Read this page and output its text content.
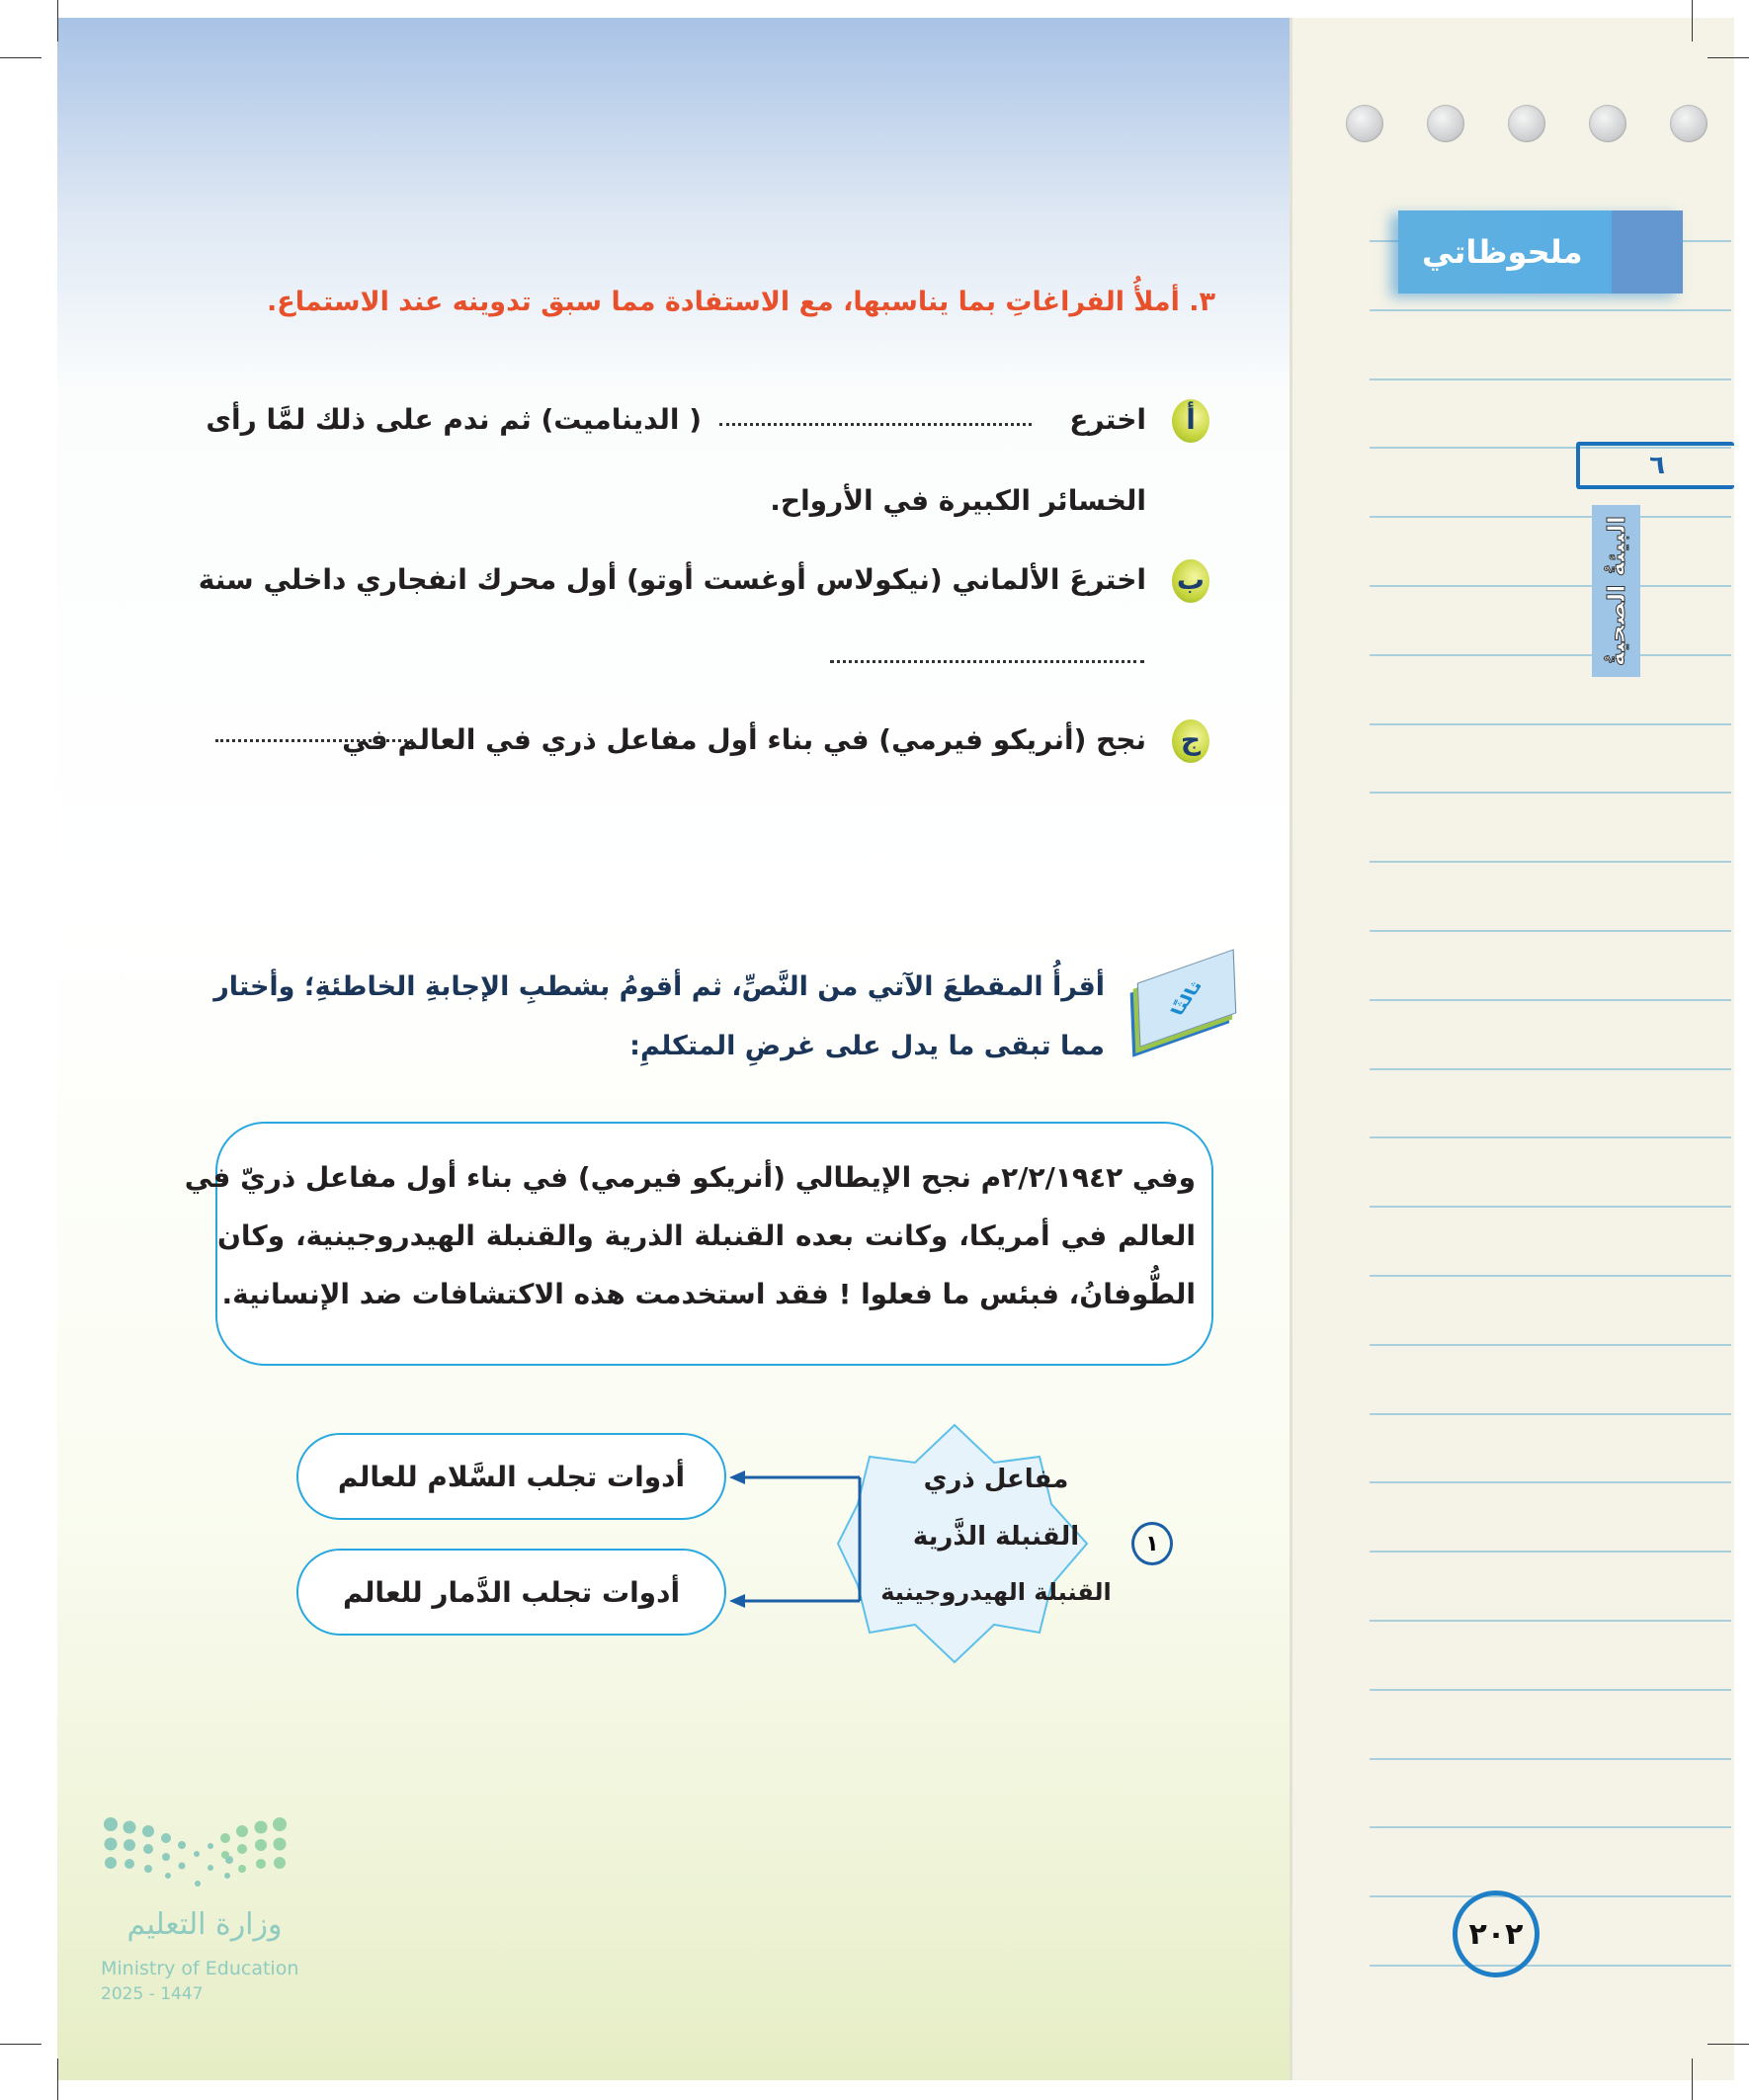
ملحوظاتي
٦
البيئةُ الصحيةُ
٢٠٢
٣. أملأُ الفراغاتِ بما يناسبها، مع الاستفادة مما سبق تدوينه عند الاستماع.
أ
اخترع
( الديناميت) ثم ندم على ذلك لمَّا رأى
الخسائر الكبيرة في الأرواح.
ب
اخترعَ الألماني (نيكولاس أوغست أوتو) أول محرك انفجاري داخلي سنة
ج
نجح (أنريكو فيرمي) في بناء أول مفاعل ذري في العالم في
ثالثًا
أقرأُ المقطعَ الآتي من النَّصِّ، ثم أقومُ بشطبِ الإجابةِ الخاطئةِ؛ وأختار
مما تبقى ما يدل على غرضِ المتكلمِ:
وفي ٢/٢/١٩٤٢م نجح الإيطالي (أنريكو فيرمي) في بناء أول مفاعل ذريّ في
العالم في أمريكا، وكانت بعده القنبلة الذرية والقنبلة الهيدروجينية، وكان
الطُّوفانُ، فبئس ما فعلوا ! فقد استخدمت هذه الاكتشافات ضد الإنسانية.
أدوات تجلب السَّلام للعالم
أدوات تجلب الدَّمار للعالم
مفاعل ذري
القنبلة الذَّرية
القنبلة الهيدروجينية
١
وزارة التعليم
Ministry of Education
2025 - 1447
